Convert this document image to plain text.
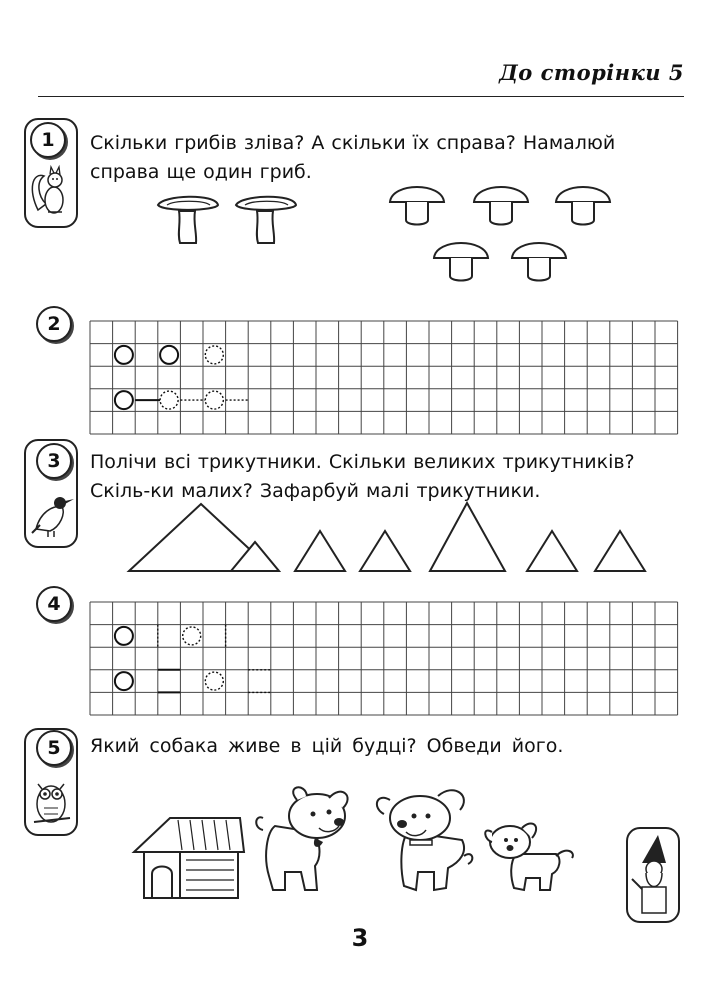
До сторінки 5
1	Скільки грибів зліва? А скільки їх справа? Намалюй справа ще один гриб.
2
3	Полічи всі трикутники. Скільки великих трикутників? Скіль-ки малих? Зафарбуй малі трикутники.
4
5	Який собака живе в цій будці? Обведи його.
3
